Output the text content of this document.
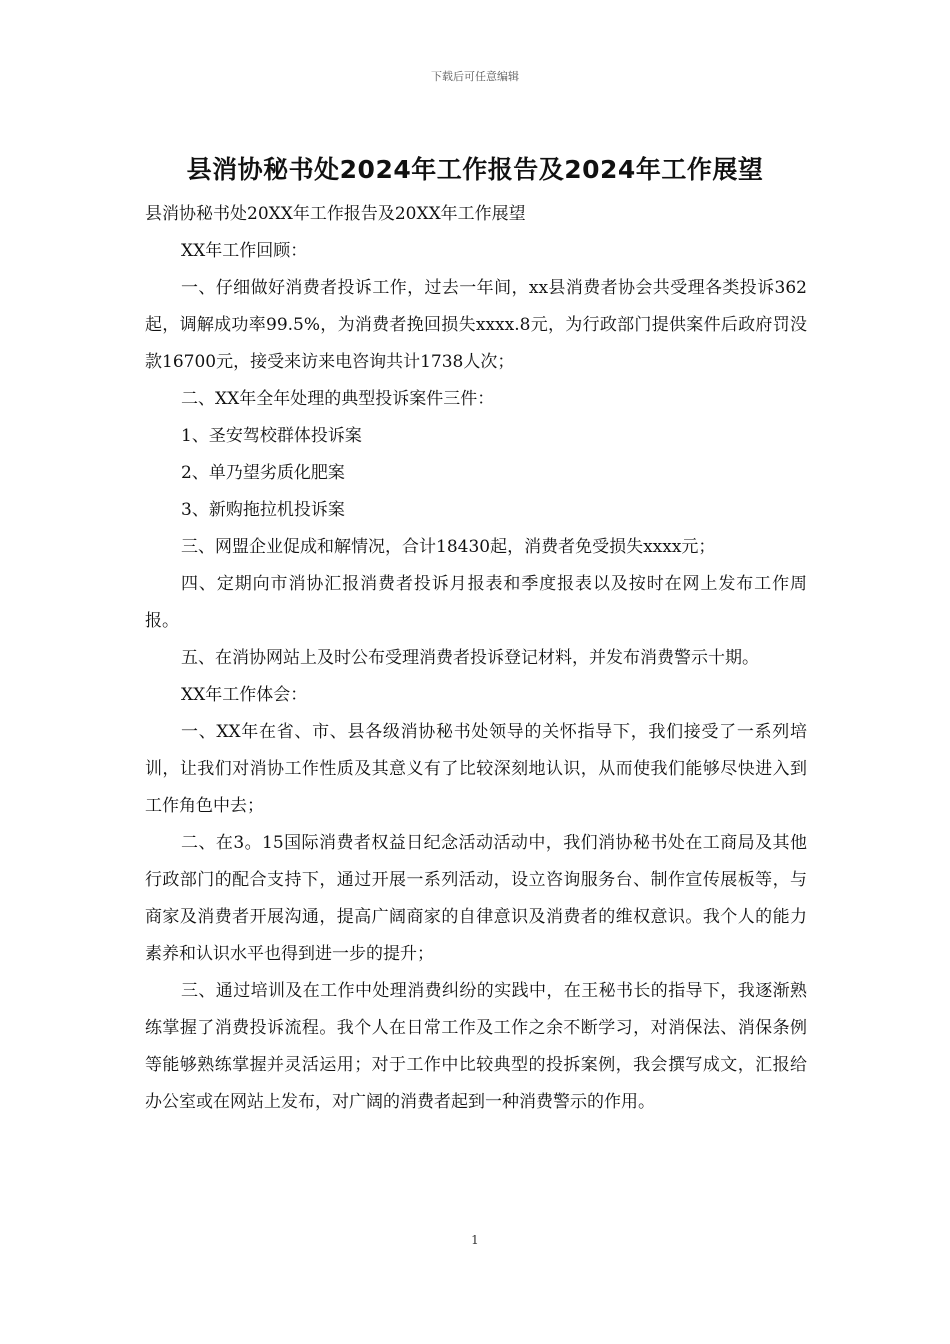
下载后可任意编辑
县消协秘书处2024年工作报告及2024年工作展望

县消协秘书处20XX年工作报告及20XX年工作展望

XX年工作回顾：

一、仔细做好消费者投诉工作，过去一年间，xx县消费者协会共受理各类投诉362起，调解成功率99.5%，为消费者挽回损失xxxx.8元，为行政部门提供案件后政府罚没款16700元，接受来访来电咨询共计1738人次；

二、XX年全年处理的典型投诉案件三件：

1、圣安驾校群体投诉案

2、单乃望劣质化肥案

3、新购拖拉机投诉案

三、网盟企业促成和解情况，合计18430起，消费者免受损失xxxx元；

四、定期向市消协汇报消费者投诉月报表和季度报表以及按时在网上发布工作周报。

五、在消协网站上及时公布受理消费者投诉登记材料，并发布消费警示十期。

XX年工作体会：

一、XX年在省、市、县各级消协秘书处领导的关怀指导下，我们接受了一系列培训，让我们对消协工作性质及其意义有了比较深刻地认识，从而使我们能够尽快进入到工作角色中去；

二、在3。15国际消费者权益日纪念活动活动中，我们消协秘书处在工商局及其他行政部门的配合支持下，通过开展一系列活动，设立咨询服务台、制作宣传展板等，与商家及消费者开展沟通，提高广阔商家的自律意识及消费者的维权意识。我个人的能力素养和认识水平也得到进一步的提升；

三、通过培训及在工作中处理消费纠纷的实践中，在王秘书长的指导下，我逐渐熟练掌握了消费投诉流程。我个人在日常工作及工作之余不断学习，对消保法、消保条例等能够熟练掌握并灵活运用；对于工作中比较典型的投拆案例，我会撰写成文，汇报给办公室或在网站上发布，对广阔的消费者起到一种消费警示的作用。

1
